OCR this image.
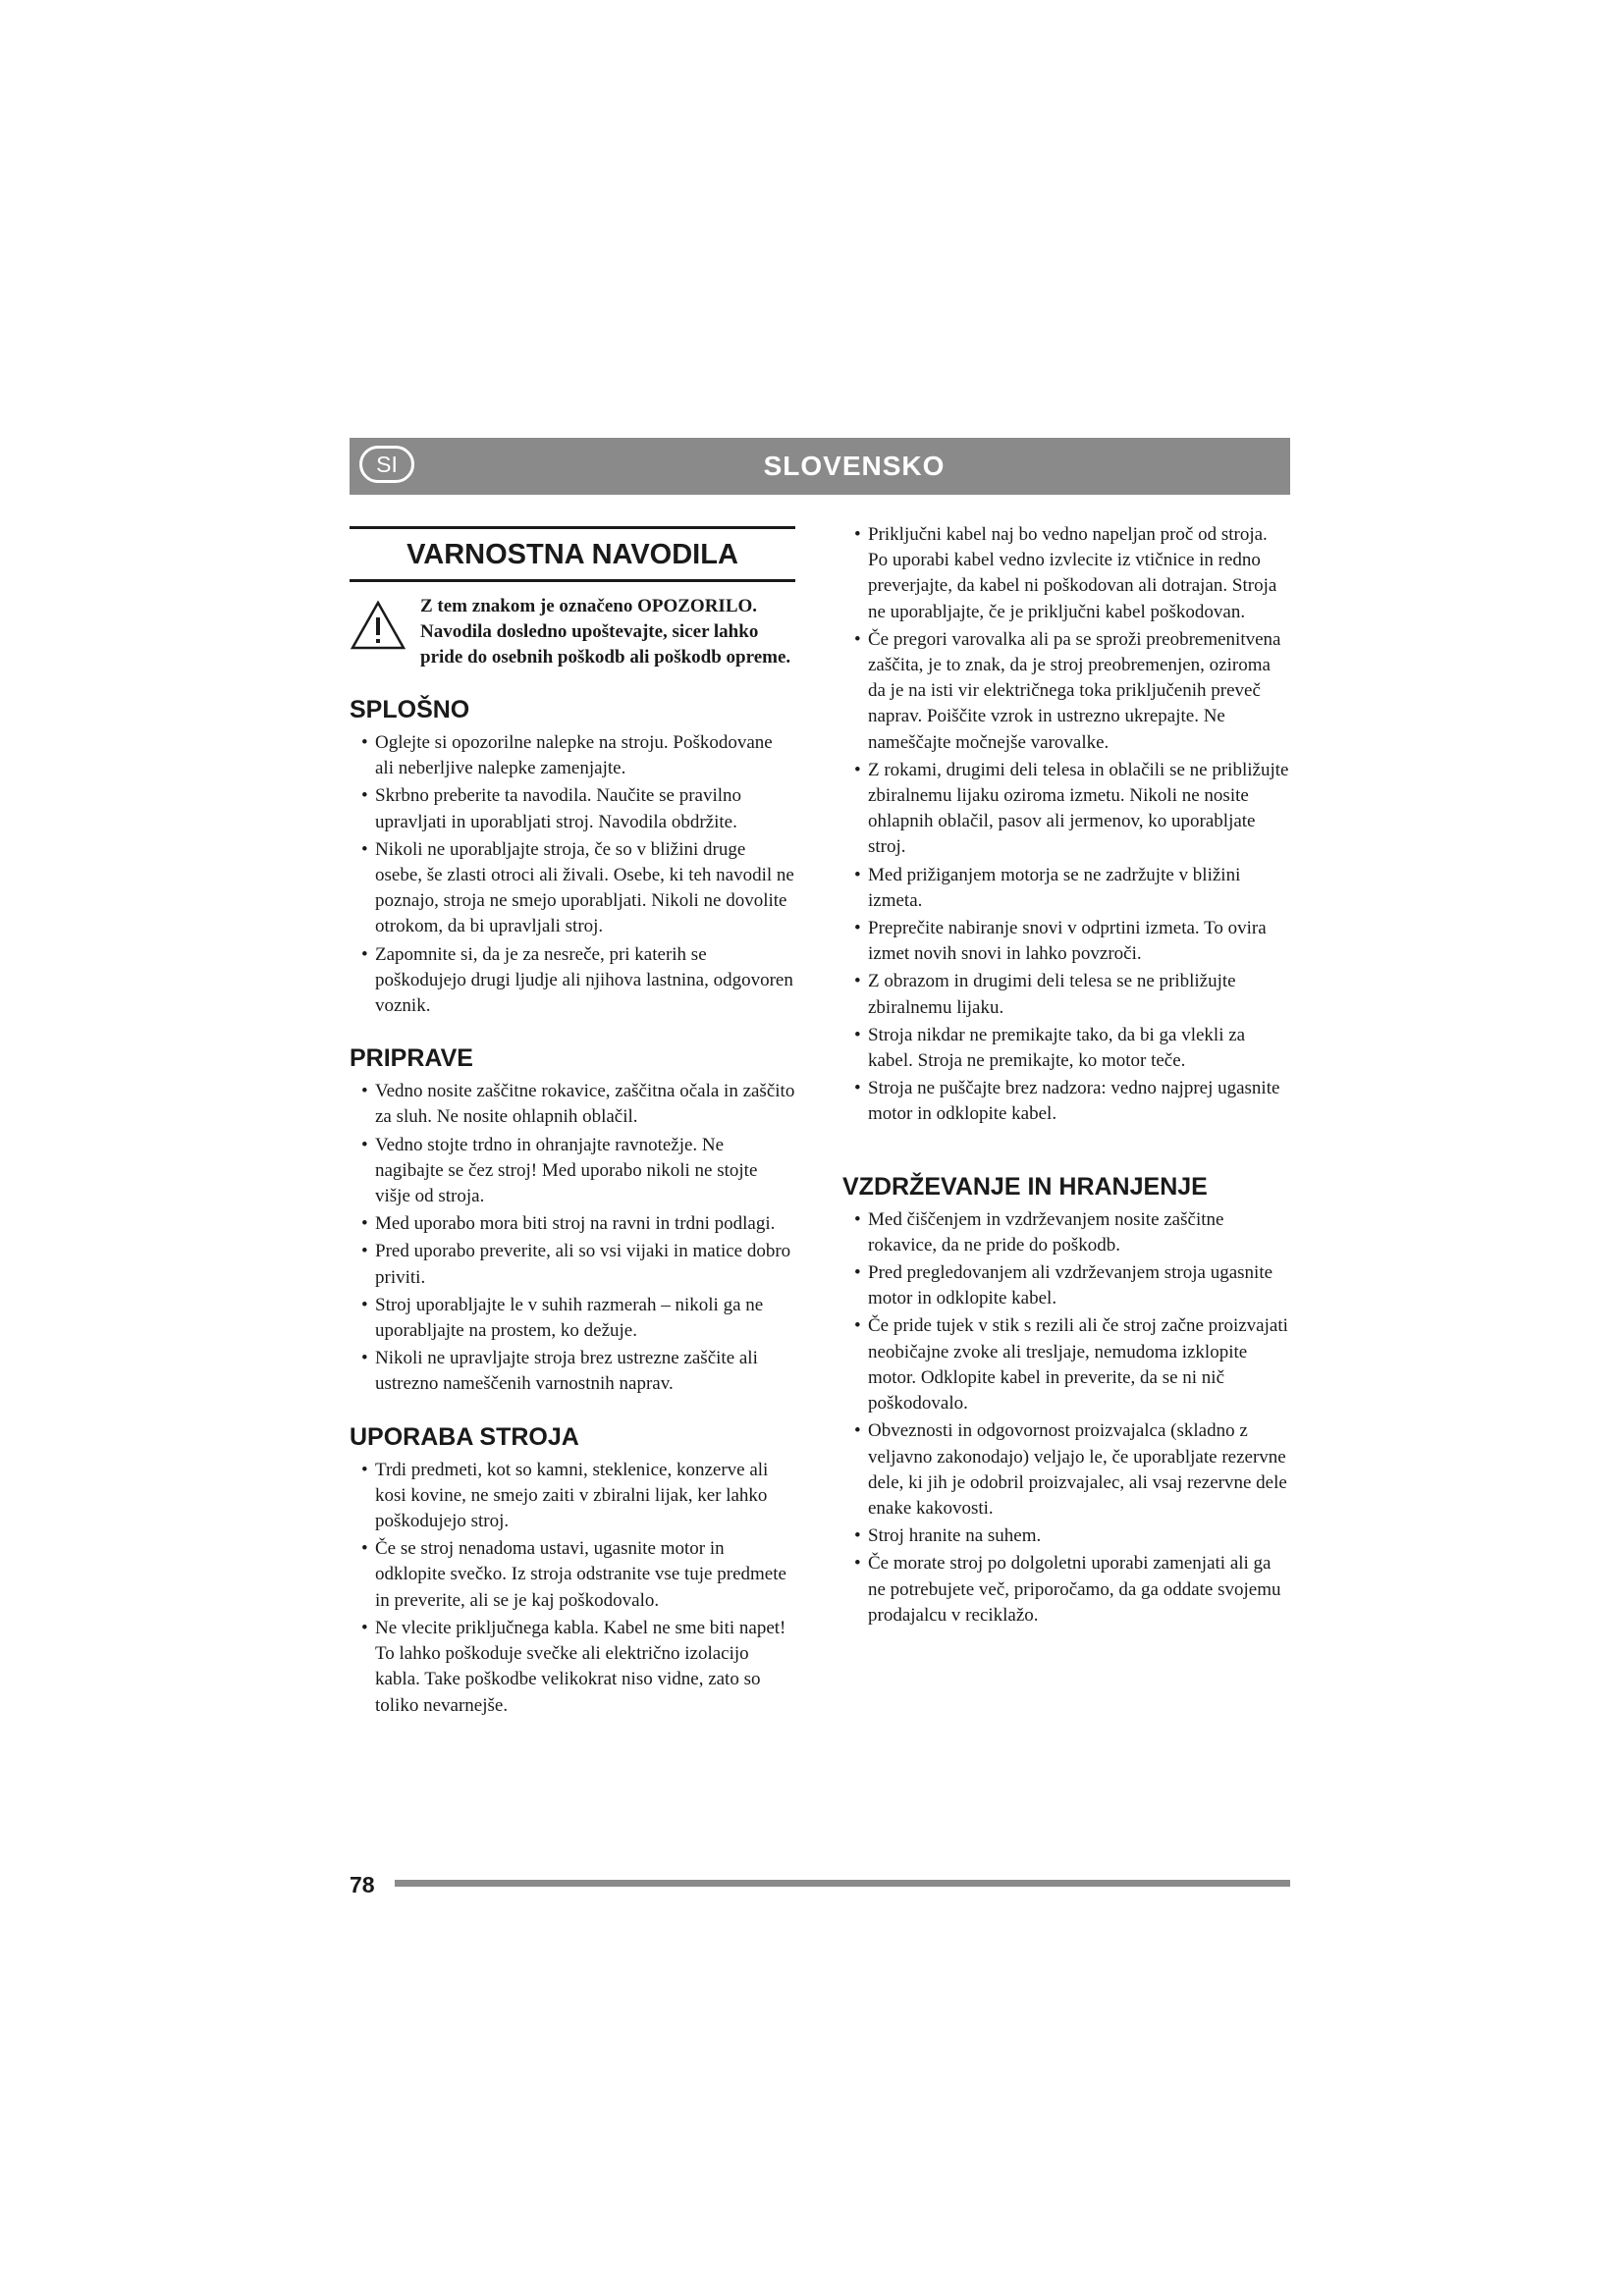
SI	SLOVENSKO
VARNOSTNA NAVODILA
Z tem znakom je označeno OPOZORILO. Navodila dosledno upoštevajte, sicer lahko pride do osebnih poškodb ali poškodb opreme.
SPLOŠNO
• Oglejte si opozorilne nalepke na stroju. Poškodovane ali neberljive nalepke zamenjajte.
• Skrbno preberite ta navodila. Naučite se pravilno upravljati in uporabljati stroj. Navodila obdržite.
• Nikoli ne uporabljajte stroja, če so v bližini druge osebe, še zlasti otroci ali živali. Osebe, ki teh navodil ne poznajo, stroja ne smejo uporabljati. Nikoli ne dovolite otrokom, da bi upravljali stroj.
• Zapomnite si, da je za nesreče, pri katerih se poškodujejo drugi ljudje ali njihova lastnina, odgovoren voznik.
PRIPRAVE
• Vedno nosite zaščitne rokavice, zaščitna očala in zaščito za sluh. Ne nosite ohlapnih oblačil.
• Vedno stojte trdno in ohranjajte ravnotežje. Ne nagibajte se čez stroj! Med uporabo nikoli ne stojte višje od stroja.
• Med uporabo mora biti stroj na ravni in trdni podlagi.
• Pred uporabo preverite, ali so vsi vijaki in matice dobro priviti.
• Stroj uporabljajte le v suhih razmerah – nikoli ga ne uporabljajte na prostem, ko dežuje.
• Nikoli ne upravljajte stroja brez ustrezne zaščite ali ustrezno nameščenih varnostnih naprav.
UPORABA STROJA
• Trdi predmeti, kot so kamni, steklenice, konzerve ali kosi kovine, ne smejo zaiti v zbiralni lijak, ker lahko poškodujejo stroj.
• Če se stroj nenadoma ustavi, ugasnite motor in odklopite svečko. Iz stroja odstranite vse tuje predmete in preverite, ali se je kaj poškodovalo.
• Ne vlecite priključnega kabla. Kabel ne sme biti napet! To lahko poškoduje svečke ali električno izolacijo kabla. Take poškodbe velikokrat niso vidne, zato so toliko nevarnejše.
• Priključni kabel naj bo vedno napeljan proč od stroja. Po uporabi kabel vedno izvlecite iz vtičnice in redno preverjajte, da kabel ni poškodovan ali dotrajan. Stroja ne uporabljajte, če je priključni kabel poškodovan.
• Če pregori varovalka ali pa se sproži preobremenitvena zaščita, je to znak, da je stroj preobremenjen, oziroma da je na isti vir električnega toka priključenih preveč naprav. Poiščite vzrok in ustrezno ukrepajte. Ne nameščajte močnejše varovalke.
• Z rokami, drugimi deli telesa in oblačili se ne približujte zbiralnemu lijaku oziroma izmetu. Nikoli ne nosite ohlapnih oblačil, pasov ali jermenov, ko uporabljate stroj.
• Med prižiganjem motorja se ne zadržujte v bližini izmeta.
• Preprečite nabiranje snovi v odprtini izmeta. To ovira izmet novih snovi in lahko povzroči.
• Z obrazom in drugimi deli telesa se ne približujte zbiralnemu lijaku.
• Stroja nikdar ne premikajte tako, da bi ga vlekli za kabel. Stroja ne premikajte, ko motor teče.
• Stroja ne puščajte brez nadzora: vedno najprej ugasnite motor in odklopite kabel.
VZDRŽEVANJE IN HRANJENJE
• Med čiščenjem in vzdrževanjem nosite zaščitne rokavice, da ne pride do poškodb.
• Pred pregledovanjem ali vzdrževanjem stroja ugasnite motor in odklopite kabel.
• Če pride tujek v stik s rezili ali če stroj začne proizvajati neobičajne zvoke ali tresljaje, nemudoma izklopite motor. Odklopite kabel in preverite, da se ni nič poškodovalo.
• Obveznosti in odgovornost proizvajalca (skladno z veljavno zakonodajo) veljajo le, če uporabljate rezervne dele, ki jih je odobril proizvajalec, ali vsaj rezervne dele enake kakovosti.
• Stroj hranite na suhem.
• Če morate stroj po dolgoletni uporabi zamenjati ali ga ne potrebujete več, priporočamo, da ga oddate svojemu prodajalcu v reciklažo.
78
